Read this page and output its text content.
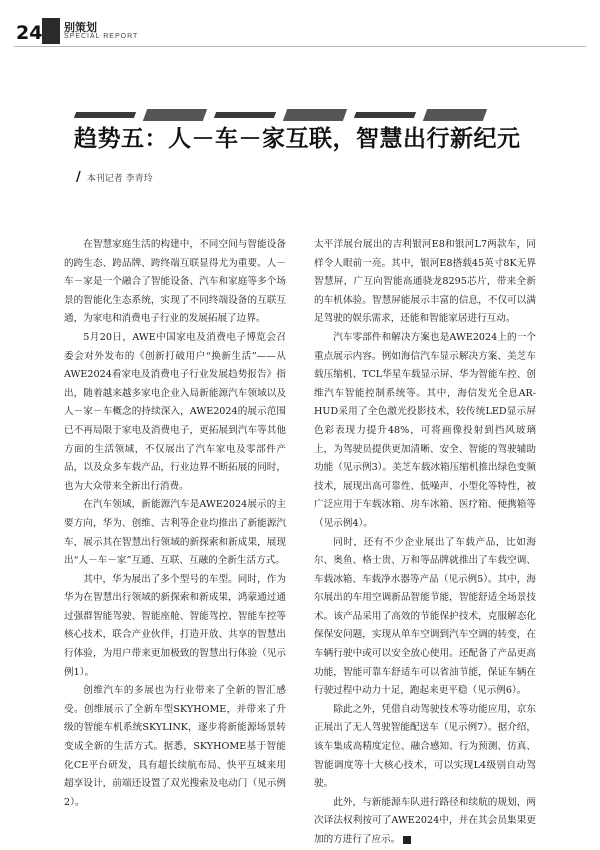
24 别策划
SPECIAL REPORT
趋势五：人－车－家互联，智慧出行新纪元
/ 本刊记者 李青玲

在智慧家庭生活的构建中，不同空间与智能设备的跨生态、跨品牌、跨终端互联显得尤为重要。人－车－家是一个融合了智能设备、汽车和家庭等多个场景的智能化生态系统，实现了不同终端设备的互联互通，为家电和消费电子行业的发展拓展了边界。

5月20日，AWE中国家电及消费电子博览会召委会对外发布的《创新打破用户“换新生活”——从AWE2024看家电及消费电子行业发展趋势报告》指出，随着越来越多家电企业入局新能源汽车领域以及人－家－车概念的持续深入，AWE2024的展示范围已不再局限于家电及消费电子，更拓展到汽车等其他方面的生活领域，不仅展出了汽车家电及零部件产品，以及众多车载产品，行业边界不断拓展的同时，也为大众带来全新出行消费。

在汽车领域，新能源汽车是AWE2024展示的主要方向，华为、创维、吉利等企业均推出了新能源汽车，展示其在智慧出行领域的新探索和新成果，展现出“人－车－家”互通、互联、互融的全新生活方式。

其中，华为展出了多个型号的车型。同时，作为华为在智慧出行领域的新探索和新成果，鸿蒙通过通过强群智能驾驶、智能座舱、智能驾控、智能车控等核心技术，联合产业伙伴，打造开放、共享的智慧出行体验，为用户带来更加极致的智慧出行体验（见示例1）。

创维汽车的多展也为行业带来了全新的智汇感受。创维展示了全新车型SKYHOME，并带来了升级的智能车机系统SKYLINK，逐步将新能源场景转变成全新的生活方式。据悉，SKYHOME基于智能化CE平台研发，具有超长续航布局、快平互城来用超享设计，前端还设置了双光搜索及电动门（见示例2）。

太平洋展台展出的吉利银河E8和银河L7两款车，同样令人眼前一亮。其中，银河E8搭载45英寸8K无界智慧屏，广互向智能高通骁龙8295芯片，带来全新的车机体验。智慧屏能展示丰富的信息，不仅可以满足驾驶的娱乐需求，还能和智能家居进行互动。

汽车零部件和解决方案也是AWE2024上的一个重点展示内容。例如海信汽车显示解决方案、美芝车载压缩机、TCL华星车载显示屏、华为智能车控、创维汽车智能控制系统等。其中，海信发光全息AR-HUD采用了全色激光投影技术，较传统LED显示屏色彩表现力提升48%，可将画像投射到挡风玻璃上，为驾驶员提供更加清晰、安全、智能的驾驶辅助功能（见示例3）。美芝车载冰箱压缩机推出绿色变频技术，展现出高可靠性、低噪声、小型化等特性，被广泛应用于车载冰箱、房车冰箱、医疗箱、便携箱等（见示例4）。

同时，还有不少企业展出了车载产品，比如海尔、奥鱼、格士贵、万和等品牌就推出了车载空调、车载冰箱、车载净水器等产品（见示例5）。其中，海尔展出的车用空调新品智能节能，智能舒适全场景技术。该产品采用了高效的节能保护技术，克服解态化保保安问题，实现从单车空调到汽车空调的转变，在车辆行驶中或可以安全放心使用。还配备了产品更高功能，智能可靠车舒适车可以省油节能，保证车辆在行驶过程中动力十足，跑起来更平稳（见示例6）。

除此之外，凭借自动驾驶技术等功能应用，京东正展出了无人驾驶智能配送车（见示例7）。据介绍，该车集成高精度定位、融合感知、行为预测、仿真、智能调度等十大核心技术，可以实现L4级别自动驾驶。

此外，与新能源车队进行路径和续航的规划，两次译法权利按可了AWE2024中，并在其会员集果更加的方进行了应示。
